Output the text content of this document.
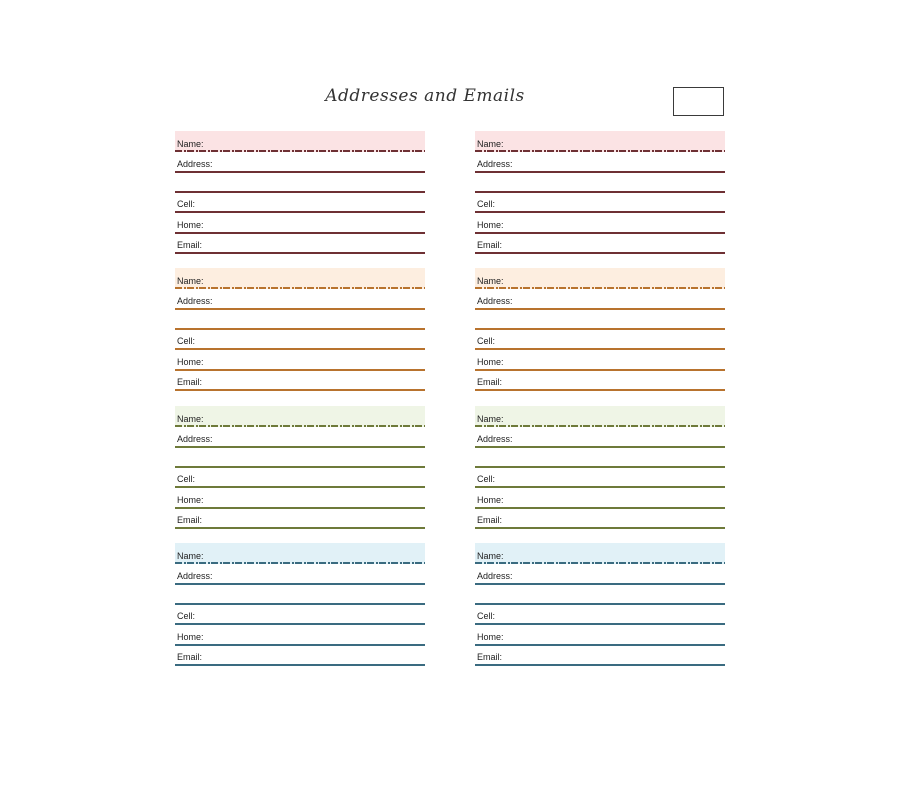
Addresses and Emails
Name:
Address:
Cell:
Home:
Email:
Name:
Address:
Cell:
Home:
Email:
Name:
Address:
Cell:
Home:
Email:
Name:
Address:
Cell:
Home:
Email:
Name:
Address:
Cell:
Home:
Email:
Name:
Address:
Cell:
Home:
Email:
Name:
Address:
Cell:
Home:
Email:
Name:
Address:
Cell:
Home:
Email:
